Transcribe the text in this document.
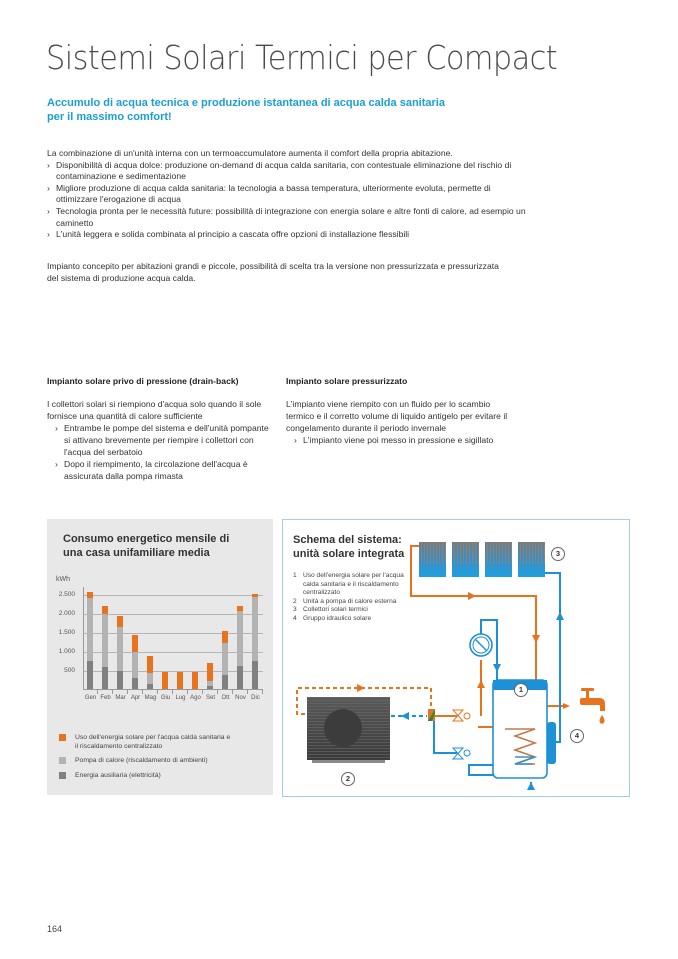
Sistemi Solari Termici per Compact
Accumulo di acqua tecnica e produzione istantanea di acqua calda sanitaria
per il massimo comfort!
La combinazione di un'unità interna con un termoaccumulatore aumenta il comfort della propria abitazione.
› Disponibilità di acqua dolce: produzione on-demand di acqua calda sanitaria, con contestuale eliminazione del rischio di contaminazione e sedimentazione
› Migliore produzione di acqua calda sanitaria: la tecnologia a bassa temperatura, ulteriormente evoluta, permette di ottimizzare l'erogazione di acqua
› Tecnologia pronta per le necessità future: possibilità di integrazione con energia solare e altre fonti di calore, ad esempio un caminetto
› L'unità leggera e solida combinata al principio a cascata offre opzioni di installazione flessibili
Impianto concepito per abitazioni grandi e piccole, possibilità di scelta tra la versione non pressurizzata e pressurizzata del sistema di produzione acqua calda.
Impianto solare privo di pressione (drain-back)
I collettori solari si riempiono d'acqua solo quando il sole fornisce una quantità di calore sufficiente
› Entrambe le pompe del sistema e dell'unità pompante si attivano brevemente per riempire i collettori con l'acqua del serbatoio
› Dopo il riempimento, la circolazione dell'acqua è assicurata dalla pompa rimasta
Impianto solare pressurizzato
L'impianto viene riempito con un fluido per lo scambio termico e il corretto volume di liquido antigelo per evitare il congelamento durante il periodo invernale
› L'impianto viene poi messo in pressione e sigillato
Consumo energetico mensile di
una casa unifamiliare media
kWh
2.500
2.000
1.500
1.000
500
Gen Feb Mar Apr Mag Giu Lug Ago Set	Ott Nov Dic
Uso dell'energia solare per l'acqua calda sanitaria e
il riscaldamento centralizzato
Pompa di calore (riscaldamento di ambienti)
Energia ausiliaria (elettricità)
Schema del sistema:
unità solare integrata
1 Uso dell'energia solare per l'acqua calda sanitaria e il riscaldamento centralizzato
2 Unità a pompa di calore esterna
3 Collettori solari termici
4 Gruppo idraulico solare
3
1
4
2
164
